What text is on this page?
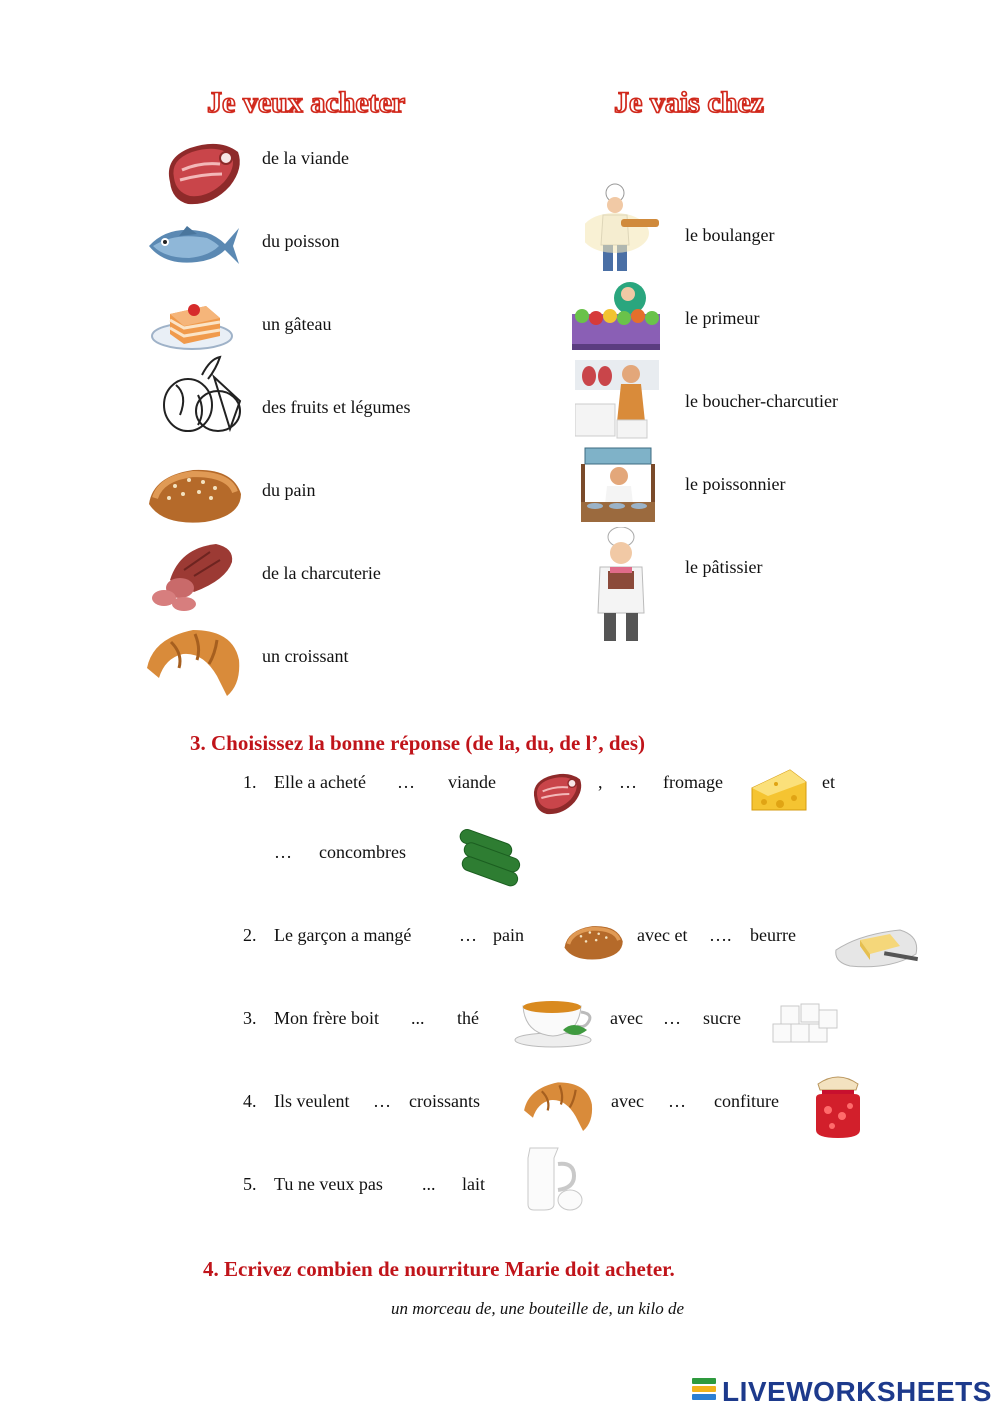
Je veux acheter	Je vais chez
de la viande
du poisson
un gâteau
des fruits et légumes
du pain
de la charcuterie
un croissant
le boulanger
le primeur
le boucher-charcutier
le poissonnier
le pâtissier
3. Choisissez la bonne réponse (de la, du, de l’, des)
1. Elle a acheté … viande	, … fromage	et
… concombres
2. Le garçon a mangé	… pain	avec et …. beurre
3. Mon frère boit ... thé	avec … sucre
4. Ils veulent … croissants	avec … confiture
5. Tu ne veux pas ... lait
4. Ecrivez combien de nourriture Marie doit acheter.
un morceau de, une bouteille de, un kilo de
LIVEWORKSHEETS
